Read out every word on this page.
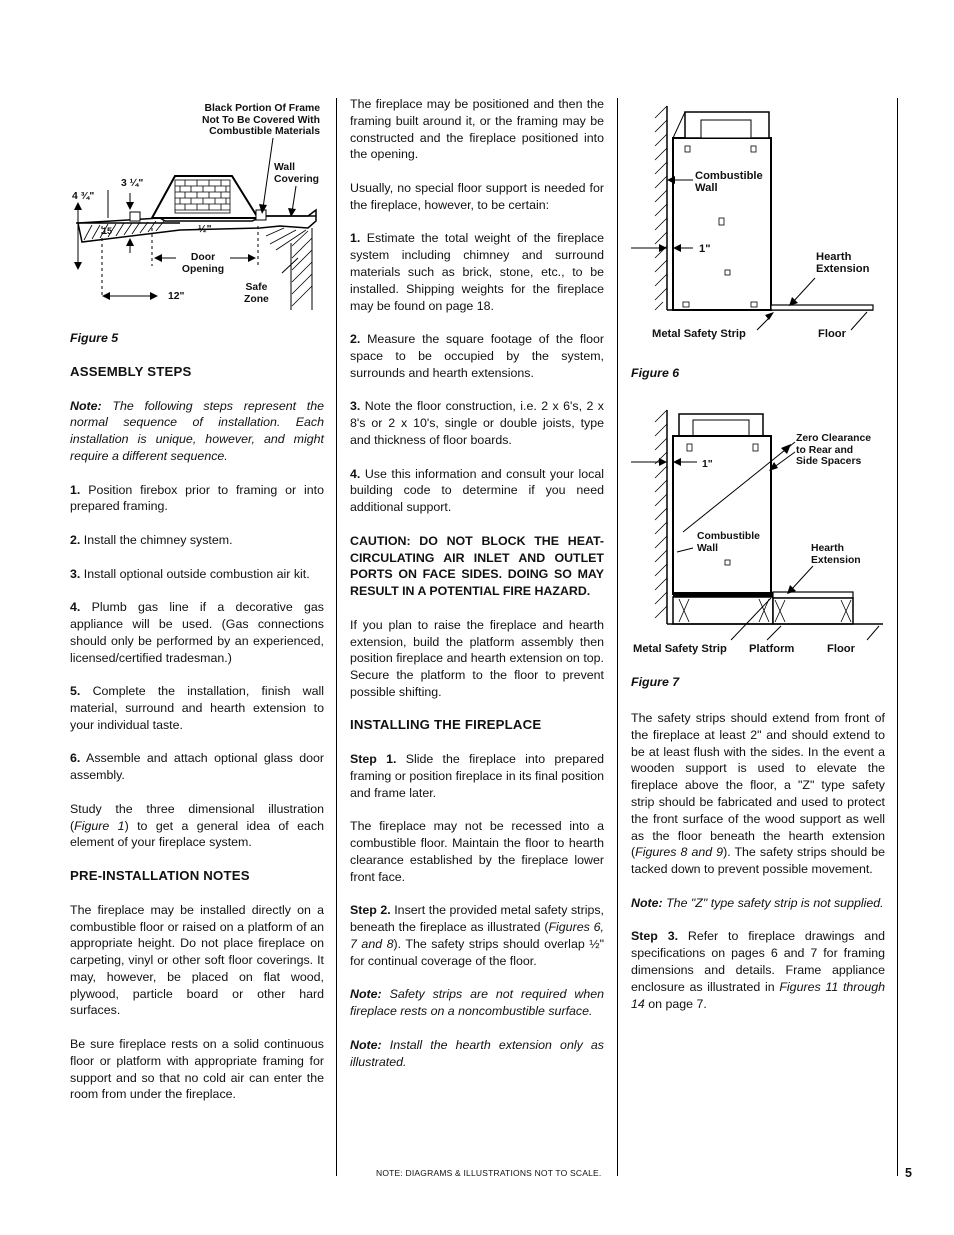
Black Portion Of Frame
Not To Be Covered With
Combustible Materials
Wall
Covering
3 ¼"
4 ¾"
15	½"
Door
Opening
Safe
Zone
12"

Figure 5

ASSEMBLY STEPS

Note: The following steps represent the normal sequence of installation. Each installation is unique, however, and might require a different sequence.

1. Position firebox prior to framing or into prepared framing.

2. Install the chimney system.

3. Install optional outside combustion air kit.

4. Plumb gas line if a decorative gas appliance will be used. (Gas connections should only be performed by an experienced, licensed/certified tradesman.)

5. Complete the installation, finish wall material, surround and hearth extension to your individual taste.

6. Assemble and attach optional glass door assembly.

Study the three dimensional illustration (Figure 1) to get a general idea of each element of your fireplace system.

PRE-INSTALLATION NOTES

The fireplace may be installed directly on a combustible floor or raised on a platform of an appropriate height. Do not place fireplace on carpeting, vinyl or other soft floor coverings. It may, however, be placed on flat wood, plywood, particle board or other hard surfaces.

Be sure fireplace rests on a solid continuous floor or platform with appropriate framing for support and so that no cold air can enter the room from under the fireplace.

The fireplace may be positioned and then the framing built around it, or the framing may be constructed and the fireplace positioned into the opening.

Usually, no special floor support is needed for the fireplace, however, to be certain:

1. Estimate the total weight of the fireplace system including chimney and surround materials such as brick, stone, etc., to be installed. Shipping weights for the fireplace may be found on page 18.

2. Measure the square footage of the floor space to be occupied by the system, surrounds and hearth extensions.

3. Note the floor construction, i.e. 2 x 6's, 2 x 8's or 2 x 10's, single or double joists, type and thickness of floor boards.

4. Use this information and consult your local building code to determine if you need additional support.

CAUTION: DO NOT BLOCK THE HEAT-CIRCULATING AIR INLET AND OUTLET PORTS ON FACE SIDES. DOING SO MAY RESULT IN A POTENTIAL FIRE HAZARD.

If you plan to raise the fireplace and hearth extension, build the platform assembly then position fireplace and hearth extension on top. Secure the platform to the floor to prevent possible shifting.

INSTALLING THE FIREPLACE

Step 1. Slide the fireplace into prepared framing or position fireplace in its final position and frame later.

The fireplace may not be recessed into a combustible floor. Maintain the floor to hearth clearance established by the fireplace lower front face.

Step 2. Insert the provided metal safety strips, beneath the fireplace as illustrated (Figures 6, 7 and 8). The safety strips should overlap ½" for continual coverage of the floor.

Note: Safety strips are not required when fireplace rests on a noncombustible surface.

Note: Install the hearth extension only as illustrated.

Combustible
Wall
1"
Hearth
Extension
Metal Safety Strip	Floor
Figure 6
Zero Clearance
to Rear and
Side Spacers
1"
Combustible
Wall	Hearth
Extension
Metal Safety Strip Platform	Floor
Figure 7

The safety strips should extend from front of the fireplace at least 2" and should extend to be at least flush with the sides. In the event a wooden support is used to elevate the fireplace above the floor, a "Z" type safety strip should be fabricated and used to protect the front surface of the wood support as well as the floor beneath the hearth extension (Figures 8 and 9). The safety strips should be tacked down to prevent possible movement.

Note: The "Z" type safety strip is not supplied.

Step 3. Refer to fireplace drawings and specifications on pages 6 and 7 for framing dimensions and details. Frame appliance enclosure as illustrated in Figures 11 through 14 on page 7.

NOTE: DIAGRAMS & ILLUSTRATIONS NOT TO SCALE.	5
